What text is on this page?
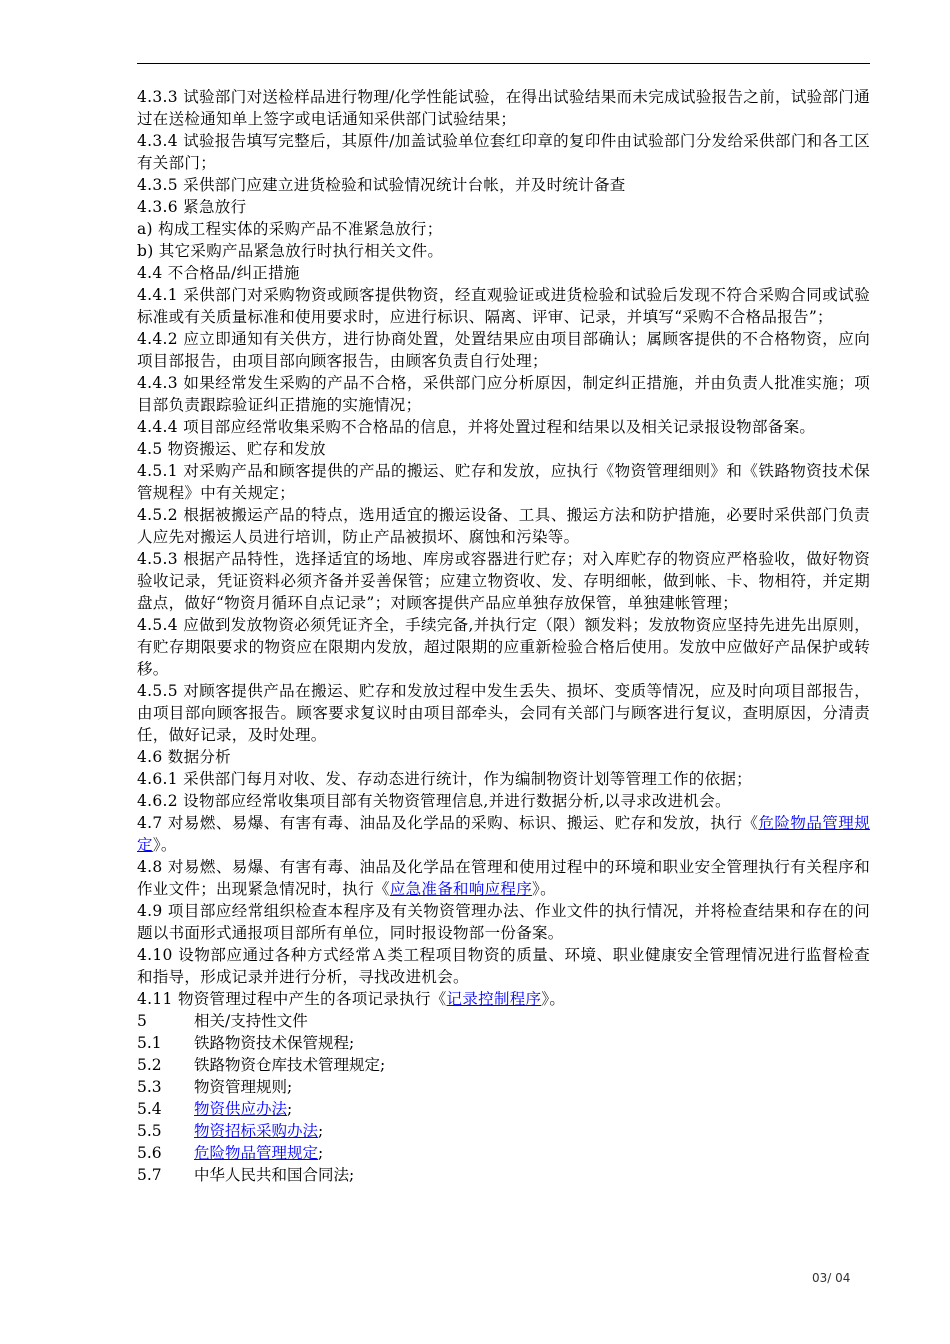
4.3.3 试验部门对送检样品进行物理/化学性能试验，在得出试验结果而未完成试验报告之前，试验部门通过在送检通知单上签字或电话通知采供部门试验结果；
4.3.4 试验报告填写完整后，其原件/加盖试验单位套红印章的复印件由试验部门分发给采供部门和各工区有关部门；
4.3.5 采供部门应建立进货检验和试验情况统计台帐，并及时统计备查
4.3.6 紧急放行
a) 构成工程实体的采购产品不准紧急放行；
b) 其它采购产品紧急放行时执行相关文件。
4.4 不合格品/纠正措施
4.4.1 采供部门对采购物资或顾客提供物资，经直观验证或进货检验和试验后发现不符合采购合同或试验标准或有关质量标准和使用要求时，应进行标识、隔离、评审、记录，并填写“采购不合格品报告”；
4.4.2 应立即通知有关供方，进行协商处置，处置结果应由项目部确认；属顾客提供的不合格物资，应向项目部报告，由项目部向顾客报告，由顾客负责自行处理；
4.4.3 如果经常发生采购的产品不合格，采供部门应分析原因，制定纠正措施，并由负责人批准实施；项目部负责跟踪验证纠正措施的实施情况；
4.4.4 项目部应经常收集采购不合格品的信息，并将处置过程和结果以及相关记录报设物部备案。
4.5 物资搬运、贮存和发放
4.5.1 对采购产品和顾客提供的产品的搬运、贮存和发放，应执行《物资管理细则》和《铁路物资技术保管规程》中有关规定；
4.5.2 根据被搬运产品的特点，选用适宜的搬运设备、工具、搬运方法和防护措施，必要时采供部门负责人应先对搬运人员进行培训，防止产品被损坏、腐蚀和污染等。
4.5.3 根据产品特性，选择适宜的场地、库房或容器进行贮存；对入库贮存的物资应严格验收，做好物资验收记录，凭证资料必须齐备并妥善保管；应建立物资收、发、存明细帐，做到帐、卡、物相符，并定期盘点，做好“物资月循环自点记录”；对顾客提供产品应单独存放保管，单独建帐管理；
4.5.4 应做到发放物资必须凭证齐全，手续完备,并执行定（限）额发料；发放物资应坚持先进先出原则，有贮存期限要求的物资应在限期内发放，超过限期的应重新检验合格后使用。发放中应做好产品保护或转移。
4.5.5 对顾客提供产品在搬运、贮存和发放过程中发生丢失、损坏、变质等情况，应及时向项目部报告，由项目部向顾客报告。顾客要求复议时由项目部牵头，会同有关部门与顾客进行复议，查明原因，分清责任，做好记录，及时处理。
4.6 数据分析
4.6.1 采供部门每月对收、发、存动态进行统计，作为编制物资计划等管理工作的依据；
4.6.2 设物部应经常收集项目部有关物资管理信息,并进行数据分析,以寻求改进机会。
4.7 对易燃、易爆、有害有毒、油品及化学品的采购、标识、搬运、贮存和发放，执行《危险物品管理规定》。
4.8 对易燃、易爆、有害有毒、油品及化学品在管理和使用过程中的环境和职业安全管理执行有关程序和作业文件；出现紧急情况时，执行《应急准备和响应程序》。
4.9 项目部应经常组织检查本程序及有关物资管理办法、作业文件的执行情况，并将检查结果和存在的问题以书面形式通报项目部所有单位，同时报设物部一份备案。
4.10 设物部应通过各种方式经常Ａ类工程项目物资的质量、环境、职业健康安全管理情况进行监督检查和指导，形成记录并进行分析，寻找改进机会。
4.11 物资管理过程中产生的各项记录执行《记录控制程序》。
5	相关/支持性文件
5.1	铁路物资技术保管规程;
5.2	铁路物资仓库技术管理规定;
5.3	物资管理规则;
5.4	物资供应办法;
5.5	物资招标采购办法;
5.6	危险物品管理规定;
5.7	中华人民共和国合同法;
03/ 04
